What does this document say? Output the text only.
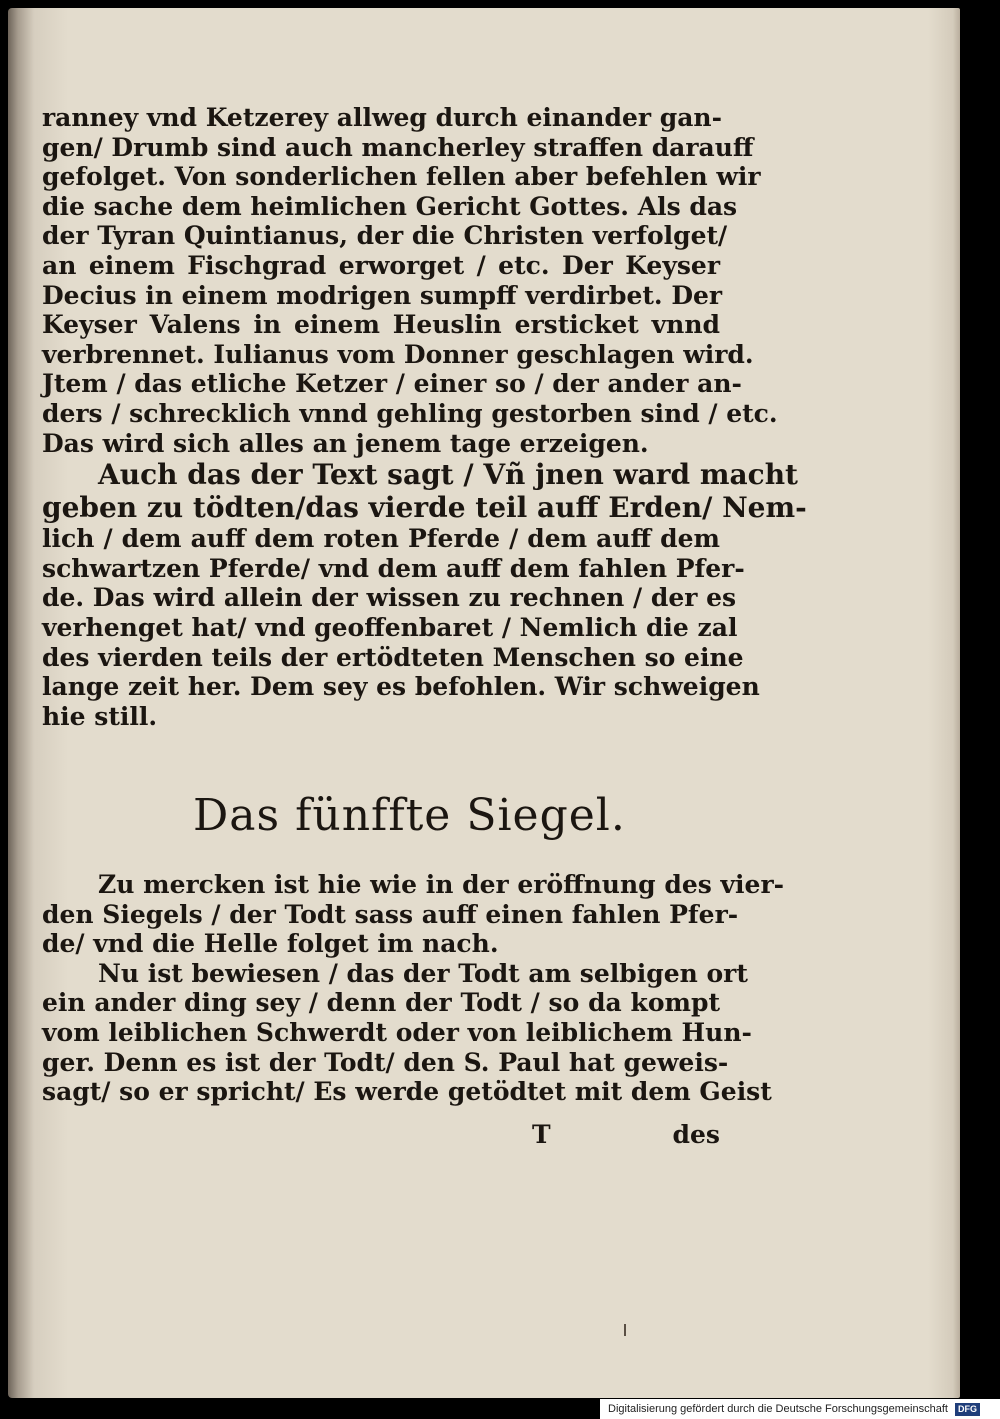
ranney vnd Ketzerey allweg durch einander gan-
gen/ Drumb sind auch mancherley straffen darauff
gefolget. Von sonderlichen fellen aber befehlen wir
die sache dem heimlichen Gericht Gottes. Als das
der Tyran Quintianus, der die Christen verfolget/
an einem Fischgrad erworget / etc. Der Keyser
Decius in einem modrigen sumpff verdirbet. Der
Keyser Valens in einem Heuslin ersticket vnnd
verbrennet. Iulianus vom Donner geschlagen wird.
Jtem / das etliche Ketzer / einer so / der ander an-
ders / schrecklich vnnd gehling gestorben sind / etc.
Das wird sich alles an jenem tage erzeigen.
Auch das der Text sagt / Vñ jnen ward macht
geben zu tödten/das vierde teil auff Erden/ Nem-
lich / dem auff dem roten Pferde / dem auff dem
schwartzen Pferde/ vnd dem auff dem fahlen Pfer-
de. Das wird allein der wissen zu rechnen / der es
verhenget hat/ vnd geoffenbaret / Nemlich die zal
des vierden teils der ertödteten Menschen so eine
lange zeit her. Dem sey es befohlen. Wir schweigen
hie still.
Das fünffte Siegel.
Zu mercken ist hie wie in der eröffnung des vier-
den Siegels / der Todt sass auff einen fahlen Pfer-
de/ vnd die Helle folget im nach.
Nu ist bewiesen / das der Todt am selbigen ort
ein ander ding sey / denn der Todt / so da kompt
vom leiblichen Schwerdt oder von leiblichem Hun-
ger. Denn es ist der Todt/ den S. Paul hat geweis-
sagt/ so er spricht/ Es werde getödtet mit dem Geist
T	des
Digitalisierung gefördert durch die Deutsche Forschungsgemeinschaft DFG
